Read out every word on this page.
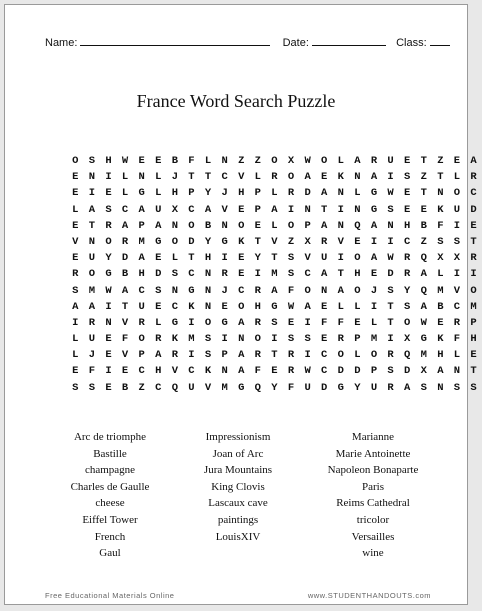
Name:	Date:	Class:
France Word Search Puzzle
O S H W E E B F L N Z Z O X W O L A R U E T Z E A
E N I L N L J T T C V L R O A E K N A I S Z T L R
E I E L G L H P Y J H P L R D A N L G W E T N O C
L A S C A U X C A V E P A I N T I N G S E E K U D
E T R A P A N O B N O E L O P A N Q A N H B F I E
V N O R M G O D Y G K T V Z X R V E I I C Z S S T
E U Y D A E L T H I E Y T S V U I O A W R Q X X R
R O G B H D S C N R E I M S C A T H E D R A L I I
S M W A C S N G N J C R A F O N A O J S Y Q M V O
A A I T U E C K N E O H G W A E L L I T S A B C M
I R N V R L G I O G A R S E I F F E L T O W E R P
L U E F O R K M S I N O I S S E R P M I X G K F H
L J E V P A R I S P A R T R I C O L O R Q M H L E
E F I E C H V C K N A F E R W C D D P S D X A N T
S S E B Z C Q U V M G Q Y F U D G Y U R A S N S S
Arc de triomphe
Bastille
champagne
Charles de Gaulle
cheese
Eiffel Tower
French
Gaul
Impressionism
Joan of Arc
Jura Mountains
King Clovis
Lascaux cave
paintings
LouisXIV
Marianne
Marie Antoinette
Napoleon Bonaparte
Paris
Reims Cathedral
tricolor
Versailles
wine
Free Educational Materials Online	www.STUDENTHANDOUTS.com
